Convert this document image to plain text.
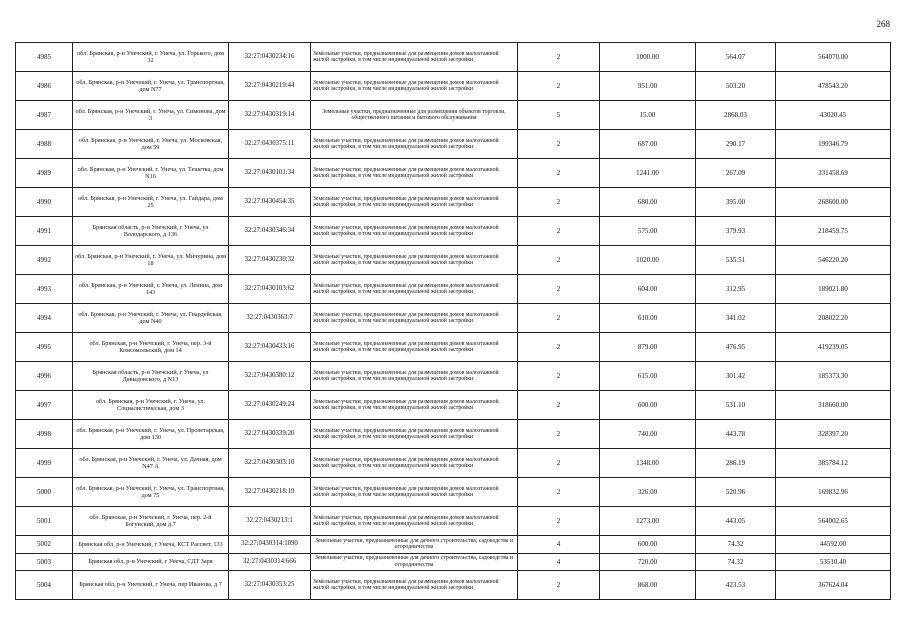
268
4985	обл. Брянская, р-н Унечский, г. Унеча, ул. Горького, дом 32	32:27:0430234:16	Земельные участки, предназначенные для размещения домов малоэтажной жилой застройки, в том числе индивидуальной жилой застройки	2	1000.00	564.07	564070.00
4986	обл. Брянская, р-н Унечский, г. Унеча, ул. Транспортная, дом N77	32:27:0430219:44	Земельные участки, предназначенные для размещения домов малоэтажной жилой застройки, в том числе индивидуальной жилой застройки	2	951.00	503.20	478543.20
4987	обл. Брянская, р-н Унечский, г. Унеча, ул. Симонова, дом 3	32:27:0430319:14	Земельные участки, предназначенные для размещения объектов торговли, общественного питания и бытового обслуживания	5	15.00	2868.03	43020.45
4988	обл. Брянская, р-н Унечский, г. Унеча, ул. Московская, дом 59	32:27:0430375:11	Земельные участки, предназначенные для размещения домов малоэтажной жилой застройки, в том числе индивидуальной жилой застройки	2	687.00	290.17	199346.79
4989	обл. Брянская, р-н Унечский, г. Унеча, ул. Тешетка, дом N16	32:27:0430101:34	Земельные участки, предназначенные для размещения домов малоэтажной жилой застройки, в том числе индивидуальной жилой застройки	2	1241.00	267.09	331458.69
4990	обл. Брянская, р-н Унечский, г. Унеча, ул. Гайдара, дом 25	32:27:0430454:35	Земельные участки, предназначенные для размещения домов малоэтажной жилой застройки, в том числе индивидуальной жилой застройки	2	680.00	395.00	268600.00
4991	Брянская область, р-н Унечский, г Унеча, ул Володарского, д 136	32:27:0430346:34	Земельные участки, предназначенные для размещения домов малоэтажной жилой застройки, в том числе индивидуальной жилой застройки	2	575.00	379.93	218459.75
4992	обл. Брянская, р-н Унечский, г. Унеча, ул. Мичурина, дом 18	32:27:0430230:32	Земельные участки, предназначенные для размещения домов малоэтажной жилой застройки, в том числе индивидуальной жилой застройки	2	1020.00	535.51	546220.20
4993	обл. Брянская, р-н Унечский, г. Унеча, ул. Ленина, дом 143	32:27:0430103:62	Земельные участки, предназначенные для размещения домов малоэтажной жилой застройки, в том числе индивидуальной жилой застройки	2	604.00	312.95	189021.80
4994	обл. Брянская, р-н Унечский, г. Унеча, ул. Гвардейская, дом N40	32:27:0430363:7	Земельные участки, предназначенные для размещения домов малоэтажной жилой застройки, в том числе индивидуальной жилой застройки	2	610.00	341.02	208022.20
4995	обл. Брянская, р-н Унечский, г. Унеча, пер. 3-й Комсомольский, дом 14	32:27:0430433:16	Земельные участки, предназначенные для размещения домов малоэтажной жилой застройки, в том числе индивидуальной жилой застройки	2	879.00	476.95	419239.05
4996	Брянская область, р-н Унечский, г Унеча, ул Давыдовского, д N13	32:27:0430380:12	Земельные участки, предназначенные для размещения домов малоэтажной жилой застройки, в том числе индивидуальной жилой застройки	2	615.00	301.42	185373.30
4997	обл. Брянская, р-н Унечский, г. Унеча, ул. Социалистическая, дом 3	32:27:0430249:24	Земельные участки, предназначенные для размещения домов малоэтажной жилой застройки, в том числе индивидуальной жилой застройки	2	600.00	531.10	318660.00
4998	обл. Брянская, р-н Унечский, г. Унеча, ул. Пролетарская, дом 130	32:27:0430339:20	Земельные участки, предназначенные для размещения домов малоэтажной жилой застройки, в том числе индивидуальной жилой застройки	2	740.00	443.78	328397.20
4999	обл. Брянская, р-н Унечский, г. Унеча, ул. Дачная, дом N47 А	32:27:0430303:10	Земельные участки, предназначенные для размещения домов малоэтажной жилой застройки, в том числе индивидуальной жилой застройки	2	1348.00	286.19	385784.12
5000	обл. Брянская, р-н Унечский, г. Унеча, ул. Транспортная, дом 75	32:27:0430218:19	Земельные участки, предназначенные для размещения домов малоэтажной жилой застройки, в том числе индивидуальной жилой застройки	2	326.00	520.96	169832.96
5001	обл. Брянская, р-н Унечский, г. Унеча, пер. 2-й Богунский, дом д.7	32:27:0430213:1	Земельные участки, предназначенные для размещения домов малоэтажной жилой застройки, в том числе индивидуальной жилой застройки	2	1273.00	443.05	564002.65
5002	Брянская обл, р-н Унечский, г Унеча, КСТ Рассвет, 133	32:27:0430314:1090	Земельные участки, предназначенные для дачного строительства, садоводства и огородничества	4	600.00	74.32	44592.00
5003	Брянская обл, р-н Унечский, г Унеча, СДТ Заря	32:27:0430314:666	Земельные участки, предназначенные для дачного строительства, садоводства и огородничества	4	720.00	74.32	53510.40
5004	Брянская обл, р-н Унечский, г Унеча, пер Иванова, д 7	32:27:0430353:25	Земельные участки, предназначенные для размещения домов малоэтажной жилой застройки, в том числе индивидуальной жилой застройки	2	868.00	423.53	367624.04
